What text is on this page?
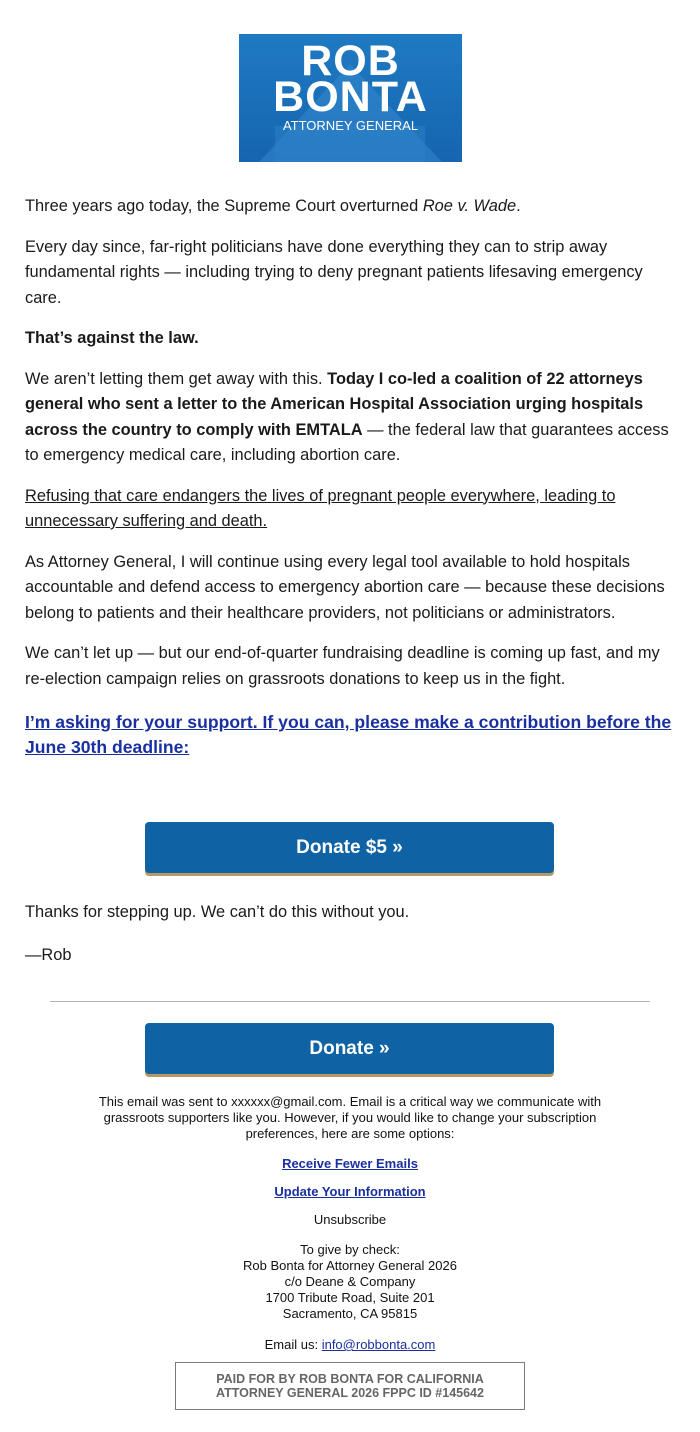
ROB
BONTA
ATTORNEY GENERAL

Three years ago today, the Supreme Court overturned Roe v. Wade.

Every day since, far-right politicians have done everything they can to strip away fundamental rights — including trying to deny pregnant patients lifesaving emergency care.

That’s against the law.

We aren’t letting them get away with this. Today I co-led a coalition of 22 attorneys general who sent a letter to the American Hospital Association urging hospitals across the country to comply with EMTALA — the federal law that guarantees access to emergency medical care, including abortion care.

Refusing that care endangers the lives of pregnant people everywhere, leading to unnecessary suffering and death.

As Attorney General, I will continue using every legal tool available to hold hospitals accountable and defend access to emergency abortion care — because these decisions belong to patients and their healthcare providers, not politicians or administrators.

We can’t let up — but our end-of-quarter fundraising deadline is coming up fast, and my re-election campaign relies on grassroots donations to keep us in the fight.

I’m asking for your support. If you can, please make a contribution before the June 30th deadline:
Donate $5 »
Thanks for stepping up. We can’t do this without you.
—Rob
Donate »

This email was sent to xxxxxx@gmail.com. Email is a critical way we communicate with grassroots supporters like you. However, if you would like to change your subscription preferences, here are some options:

Receive Fewer Emails

Update Your Information

Unsubscribe

To give by check:

Rob Bonta for Attorney General 2026

c/o Deane & Company

1700 Tribute Road, Suite 201

Sacramento, CA 95815

Email us: info@robbonta.com

PAID FOR BY ROB BONTA FOR CALIFORNIA ATTORNEY GENERAL 2026 FPPC ID #145642
